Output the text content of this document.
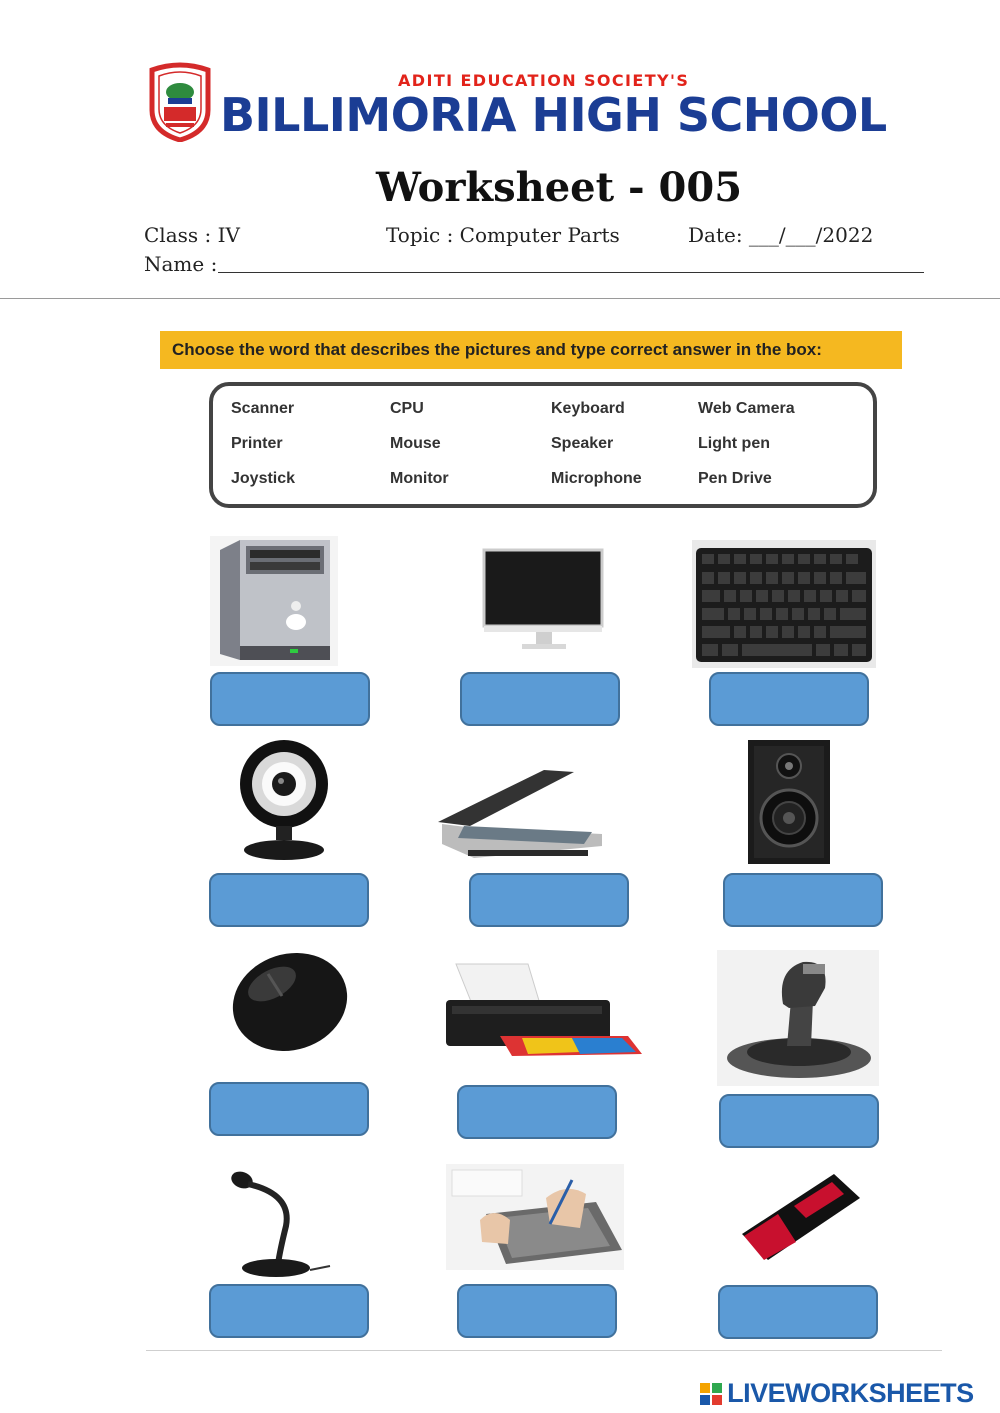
ADITI EDUCATION SOCIETY'S
BILLIMORIA HIGH SCHOOL
Worksheet - 005
Class : IV	Topic : Computer Parts	Date: ___/___/2022
Name :
Choose the word that describes the pictures and type correct answer in the box:
Scanner	CPU	Keyboard	Web Camera
Printer	Mouse	Speaker	Light pen
Joystick	Monitor	Microphone	Pen Drive
LIVEWORKSHEETS
